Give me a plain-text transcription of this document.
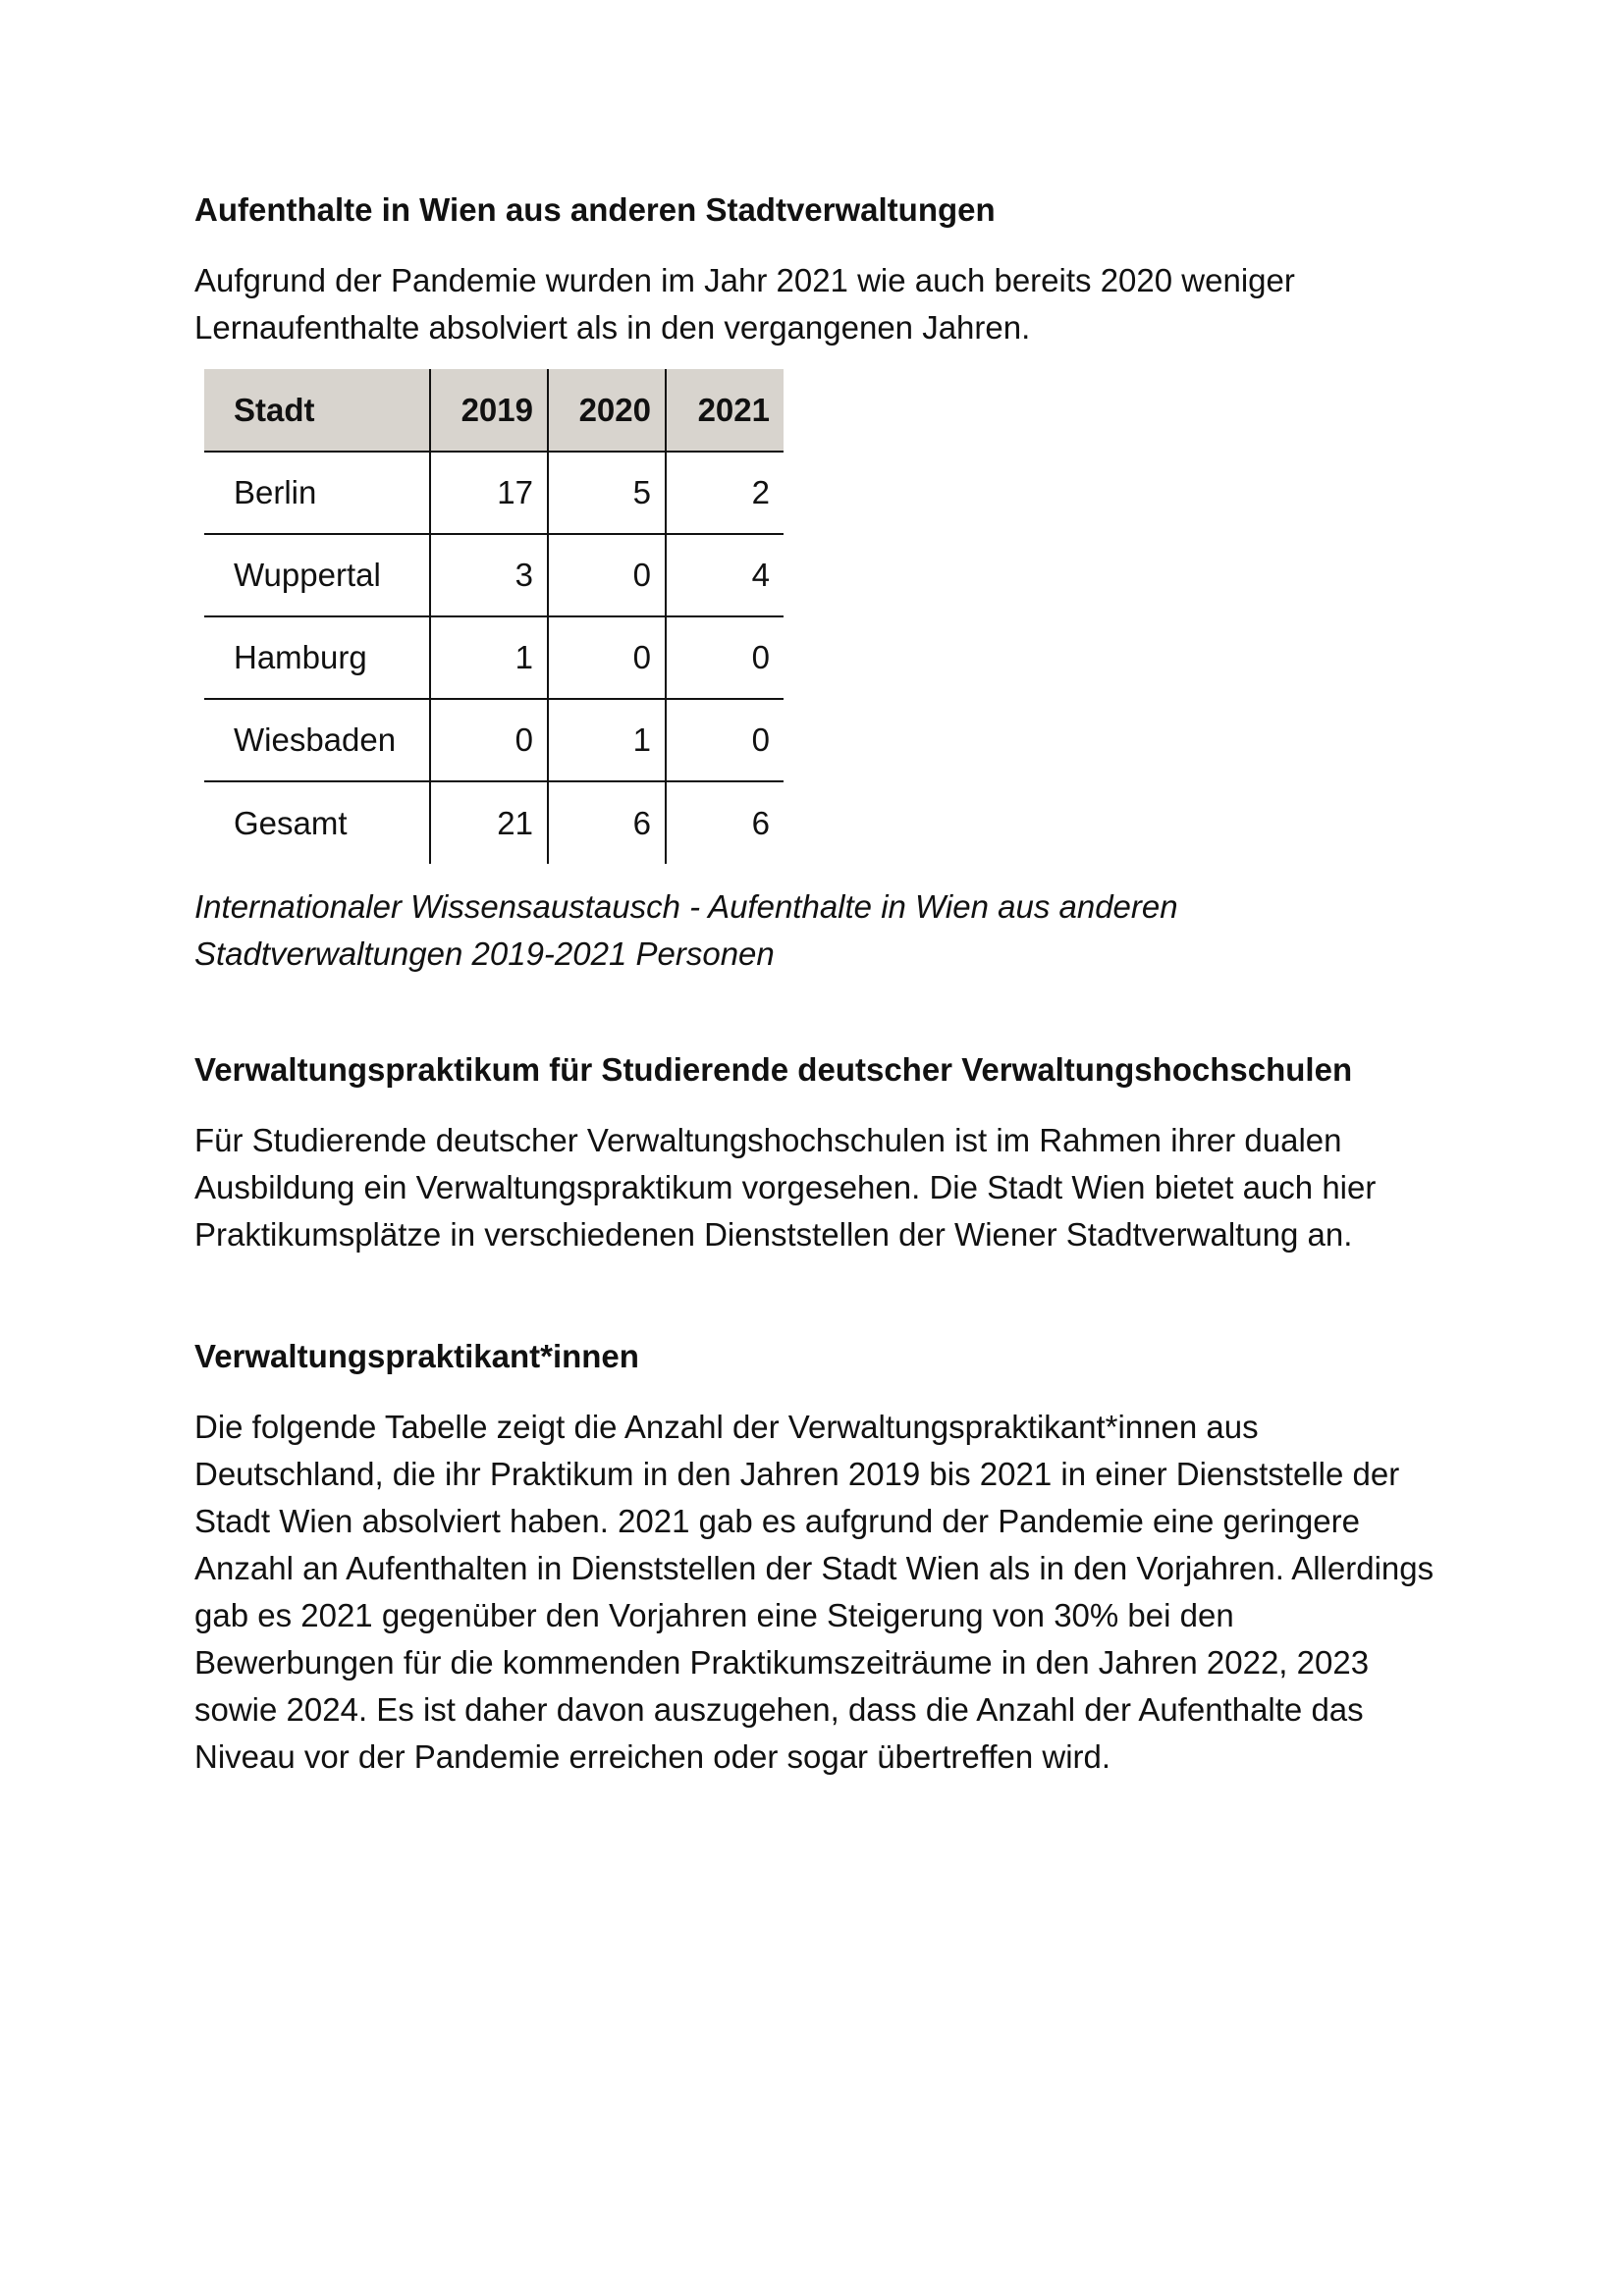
Aufenthalte in Wien aus anderen Stadtverwaltungen

Aufgrund der Pandemie wurden im Jahr 2021 wie auch bereits 2020 weniger Lernaufenthalte absolviert als in den vergangenen Jahren.

Stadt	2019	2020	2021
Berlin	17	5	2
Wuppertal	3	0	4
Hamburg	1	0	0
Wiesbaden	0	1	0
Gesamt	21	6	6

Internationaler Wissensaustausch - Aufenthalte in Wien aus anderen Stadtverwaltungen 2019-2021 Personen

Verwaltungspraktikum für Studierende deutscher Verwaltungshochschulen

Für Studierende deutscher Verwaltungshochschulen ist im Rahmen ihrer dualen Ausbildung ein Verwaltungspraktikum vorgesehen. Die Stadt Wien bietet auch hier Praktikumsplätze in verschiedenen Dienststellen der Wiener Stadtverwaltung an.

Verwaltungspraktikant*innen

Die folgende Tabelle zeigt die Anzahl der Verwaltungspraktikant*innen aus Deutschland, die ihr Praktikum in den Jahren 2019 bis 2021 in einer Dienststelle der Stadt Wien absolviert haben. 2021 gab es aufgrund der Pandemie eine geringere Anzahl an Aufenthalten in Dienststellen der Stadt Wien als in den Vorjahren. Allerdings gab es 2021 gegenüber den Vorjahren eine Steigerung von 30% bei den Bewerbungen für die kommenden Praktikumszeiträume in den Jahren 2022, 2023 sowie 2024. Es ist daher davon auszugehen, dass die Anzahl der Aufenthalte das Niveau vor der Pandemie erreichen oder sogar übertreffen wird.
